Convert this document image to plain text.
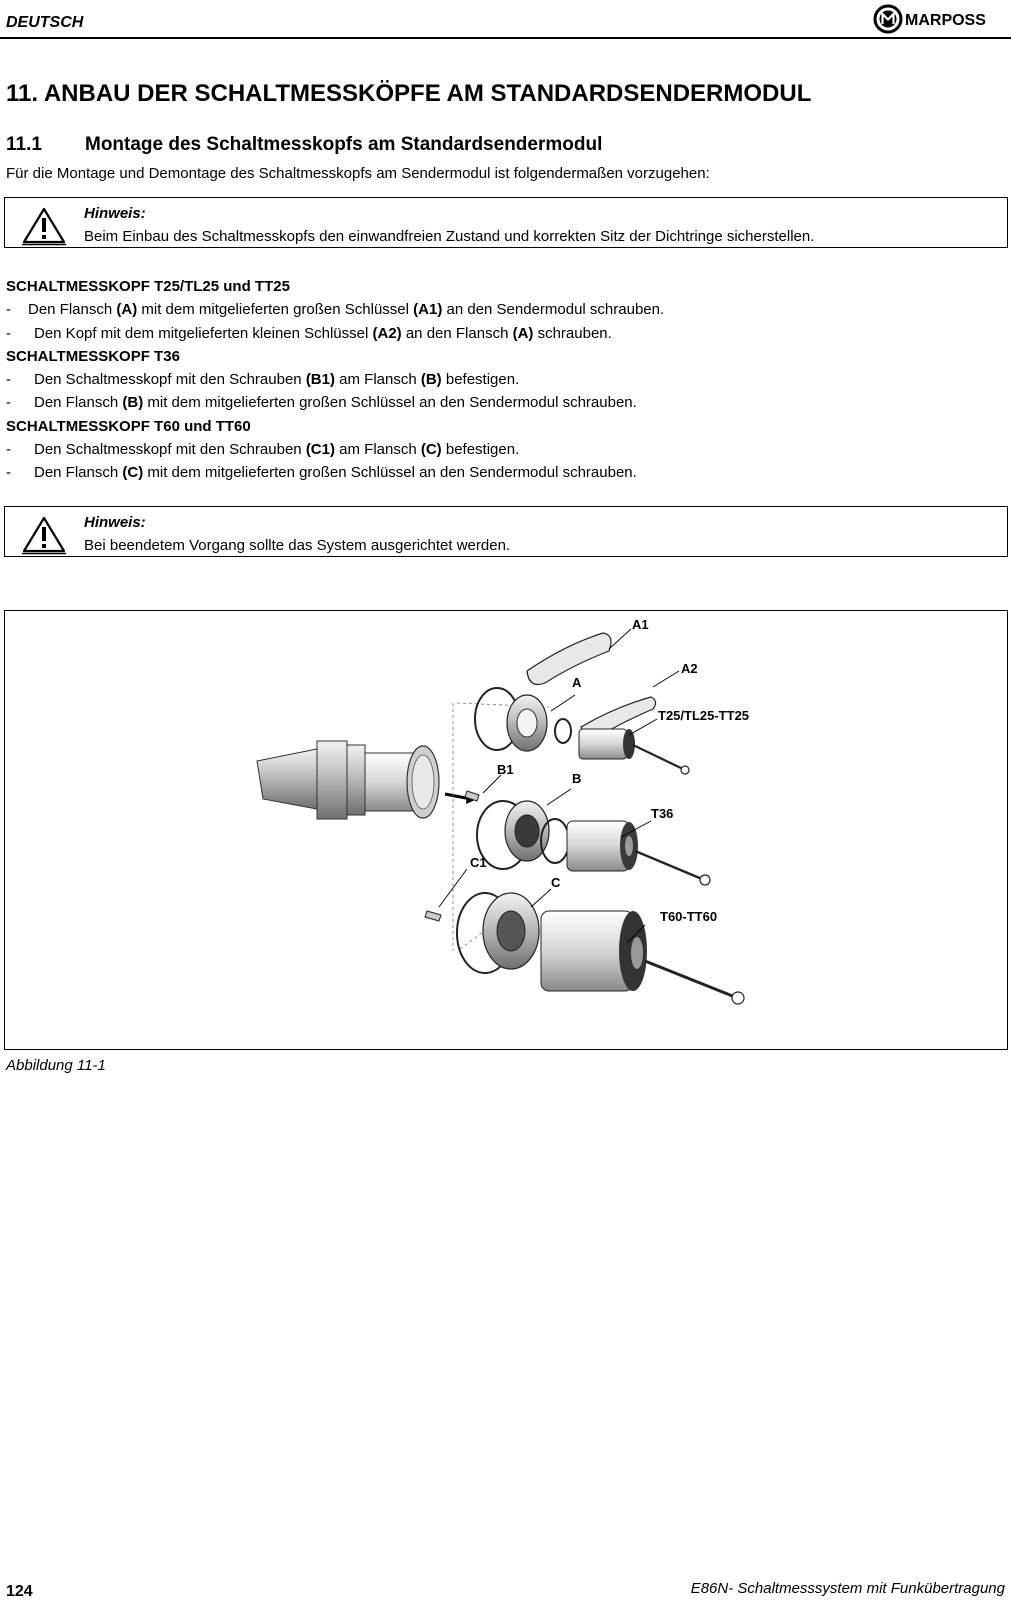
DEUTSCH	MARPOSS
11. ANBAU DER SCHALTMESSKÖPFE AM STANDARDSENDERMODUL
11.1 Montage des Schaltmesskopfs am Standardsendermodul
Für die Montage und Demontage des Schaltmesskopfs am Sendermodul ist folgendermaßen vorzugehen:
Hinweis:
Beim Einbau des Schaltmesskopfs den einwandfreien Zustand und korrekten Sitz der Dichtringe sicherstellen.
SCHALTMESSKOPF T25/TL25 und TT25
- Den Flansch (A) mit dem mitgelieferten großen Schlüssel (A1) an den Sendermodul schrauben.
- Den Kopf mit dem mitgelieferten kleinen Schlüssel (A2) an den Flansch (A) schrauben.
SCHALTMESSKOPF T36
- Den Schaltmesskopf mit den Schrauben (B1) am Flansch (B) befestigen.
- Den Flansch (B) mit dem mitgelieferten großen Schlüssel an den Sendermodul schrauben.
SCHALTMESSKOPF T60 und TT60
- Den Schaltmesskopf mit den Schrauben (C1) am Flansch (C) befestigen.
- Den Flansch (C) mit dem mitgelieferten großen Schlüssel an den Sendermodul schrauben.
Hinweis:
Bei beendetem Vorgang sollte das System ausgerichtet werden.
A1
A2
A
T25/TL25-TT25
B1
B
T36
C1
C
T60-TT60
Abbildung 11-1
124	E86N- Schaltmesssystem mit Funkübertragung
